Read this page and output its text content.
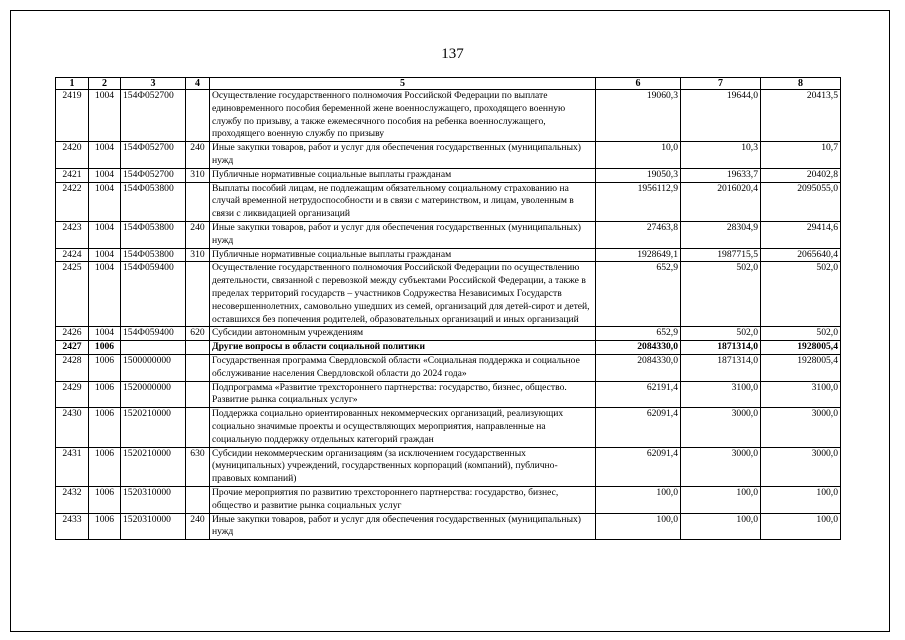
137
1	2	3	4	5	6	7	8
2419	1004	154Ф052700		Осуществление государственного полномочия Российской Федерации по выплате единовременного пособия беременной жене военнослужащего, проходящего военную службу по призыву, а также ежемесячного пособия на ребенка военнослужащего, проходящего военную службу по призыву	19060,3	19644,0	20413,5
2420	1004	154Ф052700	240	Иные закупки товаров, работ и услуг для обеспечения государственных (муниципальных) нужд	10,0	10,3	10,7
2421	1004	154Ф052700	310	Публичные нормативные социальные выплаты гражданам	19050,3	19633,7	20402,8
2422	1004	154Ф053800		Выплаты пособий лицам, не подлежащим обязательному социальному страхованию на случай временной нетрудоспособности и в связи с материнством, и лицам, уволенным в связи с ликвидацией организаций	1956112,9	2016020,4	2095055,0
2423	1004	154Ф053800	240	Иные закупки товаров, работ и услуг для обеспечения государственных (муниципальных) нужд	27463,8	28304,9	29414,6
2424	1004	154Ф053800	310	Публичные нормативные социальные выплаты гражданам	1928649,1	1987715,5	2065640,4
2425	1004	154Ф059400		Осуществление государственного полномочия Российской Федерации по осуществлению деятельности, связанной с перевозкой между субъектами Российской Федерации, а также в пределах территорий государств – участников Содружества Независимых Государств несовершеннолетних, самовольно ушедших из семей, организаций для детей-сирот и детей, оставшихся без попечения родителей, образовательных организаций и иных организаций	652,9	502,0	502,0
2426	1004	154Ф059400	620	Субсидии автономным учреждениям	652,9	502,0	502,0
2427	1006			Другие вопросы в области социальной политики	2084330,0	1871314,0	1928005,4
2428	1006	1500000000		Государственная программа Свердловской области «Социальная поддержка и социальное обслуживание населения Свердловской области до 2024 года»	2084330,0	1871314,0	1928005,4
2429	1006	1520000000		Подпрограмма «Развитие трехстороннего партнерства: государство, бизнес, общество. Развитие рынка социальных услуг»	62191,4	3100,0	3100,0
2430	1006	1520210000		Поддержка социально ориентированных некоммерческих организаций, реализующих социально значимые проекты и осуществляющих мероприятия, направленные на социальную поддержку отдельных категорий граждан	62091,4	3000,0	3000,0
2431	1006	1520210000	630	Субсидии некоммерческим организациям (за исключением государственных (муниципальных) учреждений, государственных корпораций (компаний), публично-правовых компаний)	62091,4	3000,0	3000,0
2432	1006	1520310000		Прочие мероприятия по развитию трехстороннего партнерства: государство, бизнес, общество и развитие рынка социальных услуг	100,0	100,0	100,0
2433	1006	1520310000	240	Иные закупки товаров, работ и услуг для обеспечения государственных (муниципальных) нужд	100,0	100,0	100,0
